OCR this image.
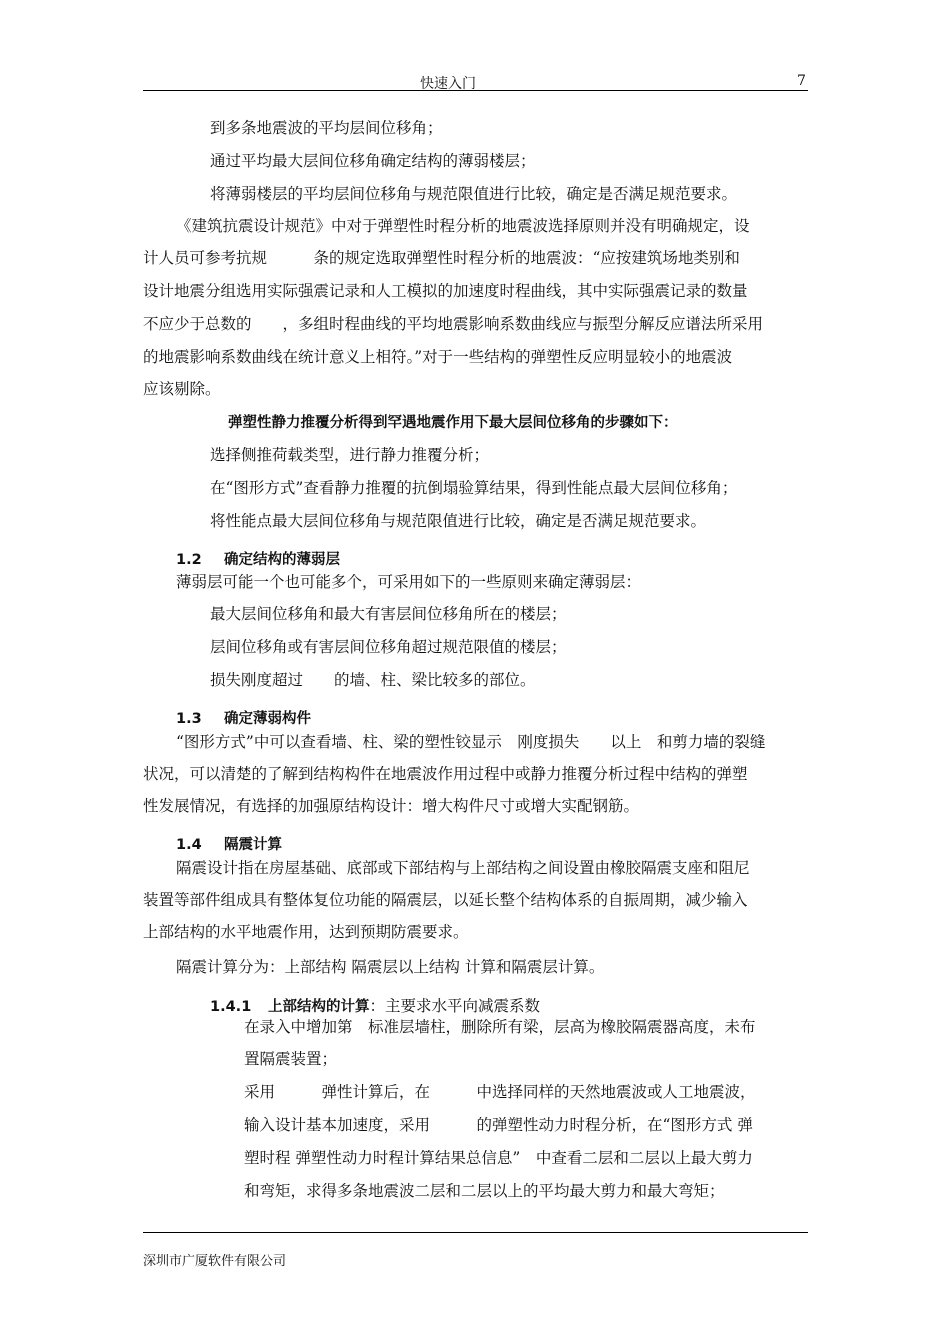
快速入门	7
到多条地震波的平均层间位移角；
通过平均最大层间位移角确定结构的薄弱楼层；
将薄弱楼层的平均层间位移角与规范限值进行比较，确定是否满足规范要求。
《建筑抗震设计规范》中对于弹塑性时程分析的地震波选择原则并没有明确规定，设
计人员可参考抗规　　　条的规定选取弹塑性时程分析的地震波：“应按建筑场地类别和
设计地震分组选用实际强震记录和人工模拟的加速度时程曲线，其中实际强震记录的数量
不应少于总数的　　，多组时程曲线的平均地震影响系数曲线应与振型分解反应谱法所采用
的地震影响系数曲线在统计意义上相符。”对于一些结构的弹塑性反应明显较小的地震波
应该剔除。
弹塑性静力推覆分析得到罕遇地震作用下最大层间位移角的步骤如下：
选择侧推荷载类型，进行静力推覆分析；
在“图形方式”查看静力推覆的抗倒塌验算结果，得到性能点最大层间位移角；
将性能点最大层间位移角与规范限值进行比较，确定是否满足规范要求。
1.2 确定结构的薄弱层
薄弱层可能一个也可能多个，可采用如下的一些原则来确定薄弱层：
最大层间位移角和最大有害层间位移角所在的楼层；
层间位移角或有害层间位移角超过规范限值的楼层；
损失刚度超过　　的墙、柱、梁比较多的部位。
1.3 确定薄弱构件
“图形方式”中可以查看墙、柱、梁的塑性铰显示　刚度损失　　以上　和剪力墙的裂缝
状况，可以清楚的了解到结构构件在地震波作用过程中或静力推覆分析过程中结构的弹塑
性发展情况，有选择的加强原结构设计：增大构件尺寸或增大实配钢筋。
1.4 隔震计算
隔震设计指在房屋基础、底部或下部结构与上部结构之间设置由橡胶隔震支座和阻尼
装置等部件组成具有整体复位功能的隔震层，以延长整个结构体系的自振周期，减少输入
上部结构的水平地震作用，达到预期防震要求。
隔震计算分为：上部结构 隔震层以上结构 计算和隔震层计算。
1.4.1 上部结构的计算：主要求水平向减震系数
在录入中增加第　标准层墙柱，删除所有梁，层高为橡胶隔震器高度，未布
置隔震装置；
采用　　　弹性计算后，在　　　中选择同样的天然地震波或人工地震波，
输入设计基本加速度，采用　　　的弹塑性动力时程分析，在“图形方式 弹
塑时程 弹塑性动力时程计算结果总信息”　中查看二层和二层以上最大剪力
和弯矩，求得多条地震波二层和二层以上的平均最大剪力和最大弯矩；
深圳市广厦软件有限公司
